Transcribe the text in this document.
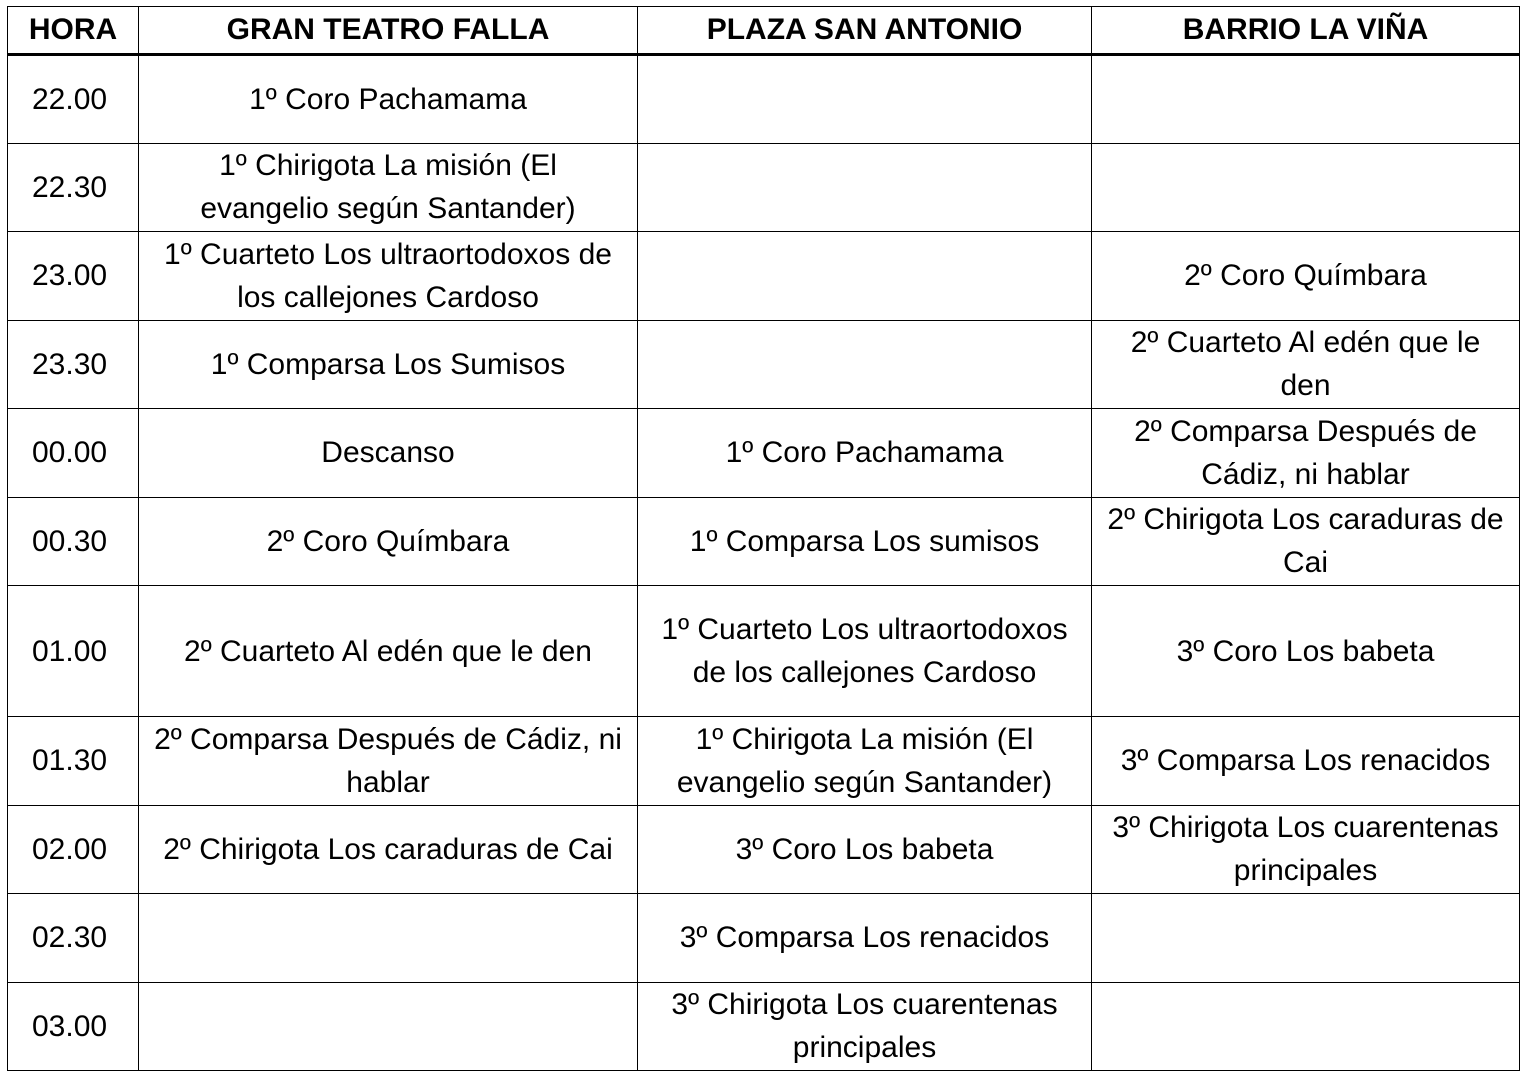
HORA	GRAN TEATRO FALLA	PLAZA SAN ANTONIO	BARRIO LA VIÑA
22.00	1º Coro Pachamama		
22.30	1º Chirigota La misión (El evangelio según Santander)		
23.00	1º Cuarteto Los ultraortodoxos de los callejones Cardoso		2º Coro Químbara
23.30	1º Comparsa Los Sumisos		2º Cuarteto Al edén que le den
00.00	Descanso	1º Coro Pachamama	2º Comparsa Después de Cádiz, ni hablar
00.30	2º Coro Químbara	1º Comparsa Los sumisos	2º Chirigota Los caraduras de Cai
01.00	2º Cuarteto Al edén que le den	1º Cuarteto Los ultraortodoxos de los callejones Cardoso	3º Coro Los babeta
01.30	2º Comparsa Después de Cádiz, ni hablar	1º Chirigota La misión (El evangelio según Santander)	3º Comparsa Los renacidos
02.00	2º Chirigota Los caraduras de Cai	3º Coro Los babeta	3º Chirigota Los cuarentenas principales
02.30		3º Comparsa Los renacidos	
03.00		3º Chirigota Los cuarentenas principales	
